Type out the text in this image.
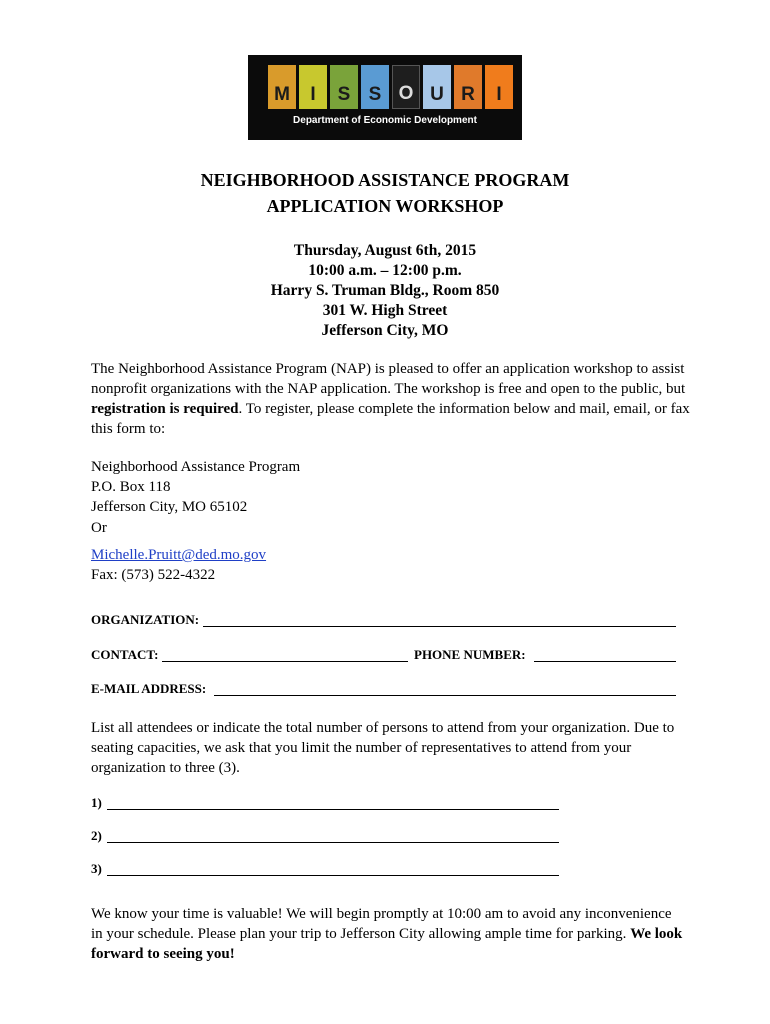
M	I	S S O U R	I
Department of Economic Development
NEIGHBORHOOD ASSISTANCE PROGRAM
APPLICATION WORKSHOP
Thursday, August 6th, 2015
10:00 a.m. – 12:00 p.m.
Harry S. Truman Bldg., Room 850
301 W. High Street
Jefferson City, MO
The Neighborhood Assistance Program (NAP) is pleased to offer an application workshop to assist nonprofit organizations with the NAP application. The workshop is free and open to the public, but registration is required. To register, please complete the information below and mail, email, or fax this form to:
Neighborhood Assistance Program
P.O. Box 118
Jefferson City, MO 65102
Or
Michelle.Pruitt@ded.mo.gov
Fax: (573) 522-4322
ORGANIZATION:
CONTACT:	PHONE NUMBER:
E-MAIL ADDRESS:
List all attendees or indicate the total number of persons to attend from your organization. Due to seating capacities, we ask that you limit the number of representatives to attend from your organization to three (3).
1)
2)
3)
We know your time is valuable! We will begin promptly at 10:00 am to avoid any inconvenience in your schedule. Please plan your trip to Jefferson City allowing ample time for parking. We look forward to seeing you!
